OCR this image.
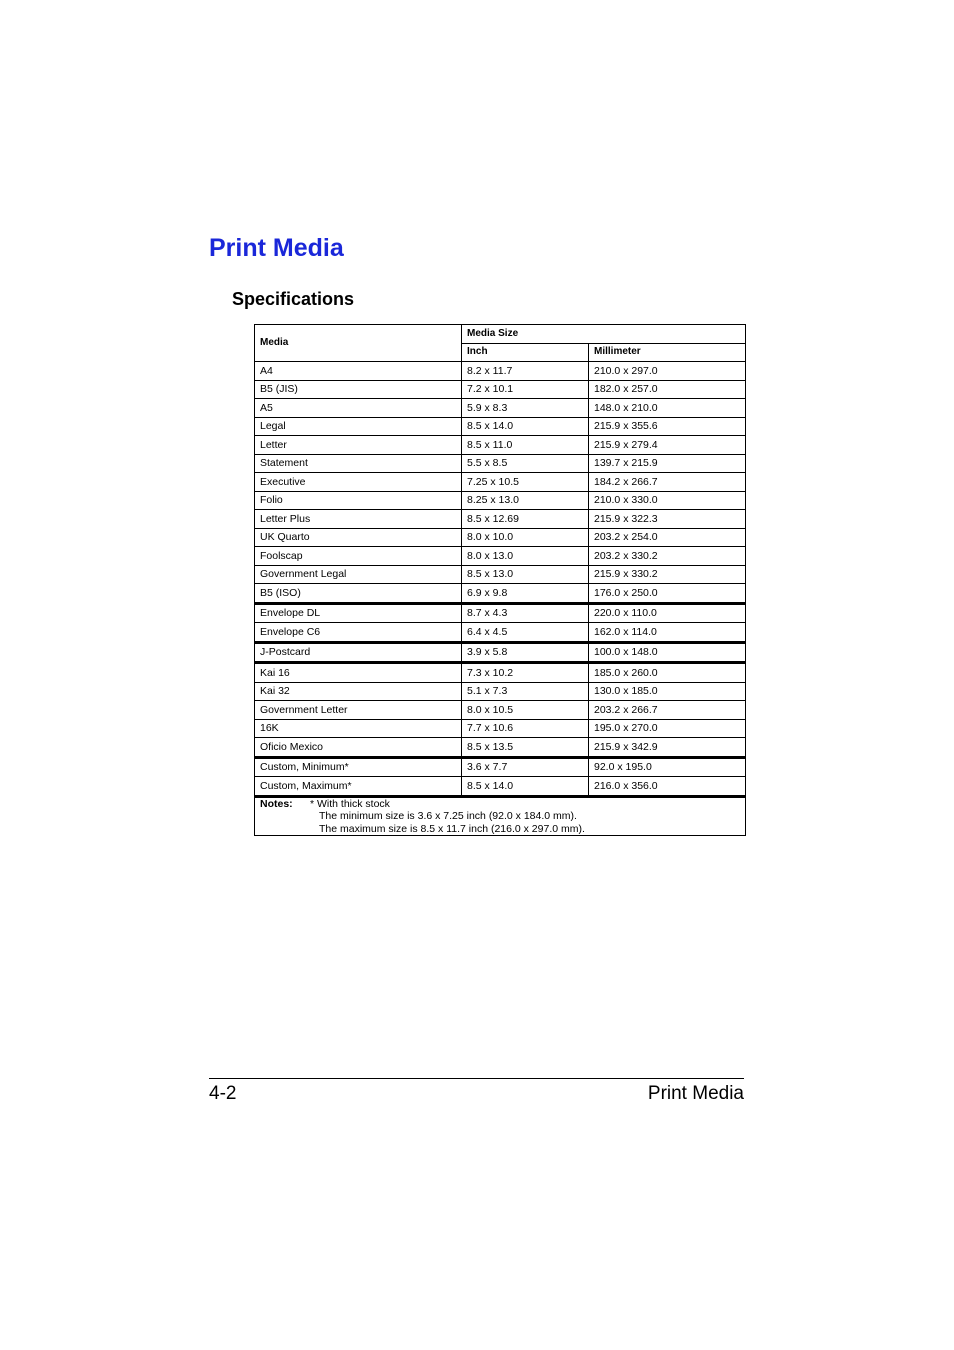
Print Media
Specifications
Media	Media Size	
	Inch	Millimeter
A4	8.2 x 11.7	210.0 x 297.0
B5 (JIS)	7.2 x 10.1	182.0 x 257.0
A5	5.9 x 8.3	148.0 x 210.0
Legal	8.5 x 14.0	215.9 x 355.6
Letter	8.5 x 11.0	215.9 x 279.4
Statement	5.5 x 8.5	139.7 x 215.9
Executive	7.25 x 10.5	184.2 x 266.7
Folio	8.25 x 13.0	210.0 x 330.0
Letter Plus	8.5 x 12.69	215.9 x 322.3
UK Quarto	8.0 x 10.0	203.2 x 254.0
Foolscap	8.0 x 13.0	203.2 x 330.2
Government Legal	8.5 x 13.0	215.9 x 330.2
B5 (ISO)	6.9 x 9.8	176.0 x 250.0
Envelope DL	8.7 x 4.3	220.0 x 110.0
Envelope C6	6.4 x 4.5	162.0 x 114.0
J-Postcard	3.9 x 5.8	100.0 x 148.0
Kai 16	7.3 x 10.2	185.0 x 260.0
Kai 32	5.1 x 7.3	130.0 x 185.0
Government Letter	8.0 x 10.5	203.2 x 266.7
16K	7.7 x 10.6	195.0 x 270.0
Oficio Mexico	8.5 x 13.5	215.9 x 342.9
Custom, Minimum*	3.6 x 7.7	92.0 x 195.0
Custom, Maximum*	8.5 x 14.0	216.0 x 356.0

Notes: * With thick stock
The minimum size is 3.6 x 7.25 inch (92.0 x 184.0 mm).
The maximum size is 8.5 x 11.7 inch (216.0 x 297.0 mm).		
4-2	Print Media
